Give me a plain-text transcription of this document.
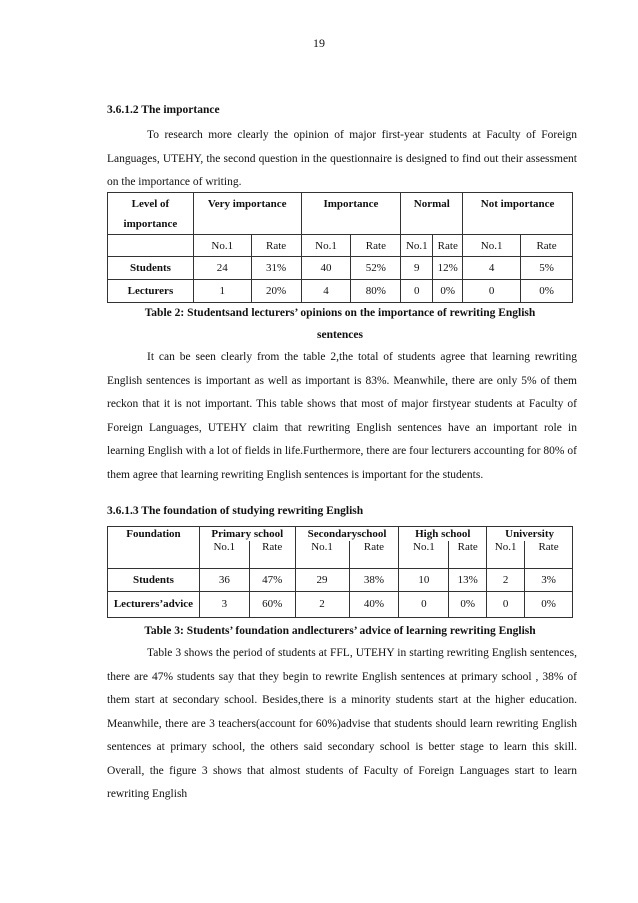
19
3.6.1.2 The importance
To research more clearly the opinion of major first-year students at Faculty of Foreign Languages, UTEHY, the second question in the questionnaire is designed to find out their assessment on the importance of writing.
Level of
importance	Very importance		Importance		Normal		Not importance	
	No.1	Rate	No.1	Rate	No.1	Rate	No.1	Rate
Students	24	31%	40	52%	9	12%	4	5%
Lecturers	1	20%	4	80%	0	0%	0	0%
Table 2: Studentsand lecturers’ opinions on the importance of rewriting English
sentences
It can be seen clearly from the table 2,the total of students agree that learning rewriting English sentences is important as well as important is 83%. Meanwhile, there are only 5% of them reckon that it is not important. This table shows that most of major firstyear students at Faculty of Foreign Languages, UTEHY claim that rewriting English sentences have an important role in learning English with a lot of fields in life.Furthermore, there are four lecturers accounting for 80% of them agree that learning rewriting English sentences is important for the students.
3.6.1.3 The foundation of studying rewriting English
Foundation	Primary school		Secondaryschool		High school		University	
	No.1	Rate	No.1	Rate	No.1	Rate	No.1	Rate
Students	36	47%	29	38%	10	13%	2	3%
Lecturers’advice	3	60%	2	40%	0	0%	0	0%
Table 3: Students’ foundation andlecturers’ advice of learning rewriting English
Table 3 shows the period of students at FFL, UTEHY in starting rewriting English sentences, there are 47% students say that they begin to rewrite English sentences at primary school , 38% of them start at secondary school. Besides,there is a minority students start at the higher education. Meanwhile, there are 3 teachers(account for 60%)advise that students should learn rewriting English sentences at primary school, the others said secondary school is better stage to learn this skill. Overall, the figure 3 shows that almost students of Faculty of Foreign Languages start to learn rewriting English
